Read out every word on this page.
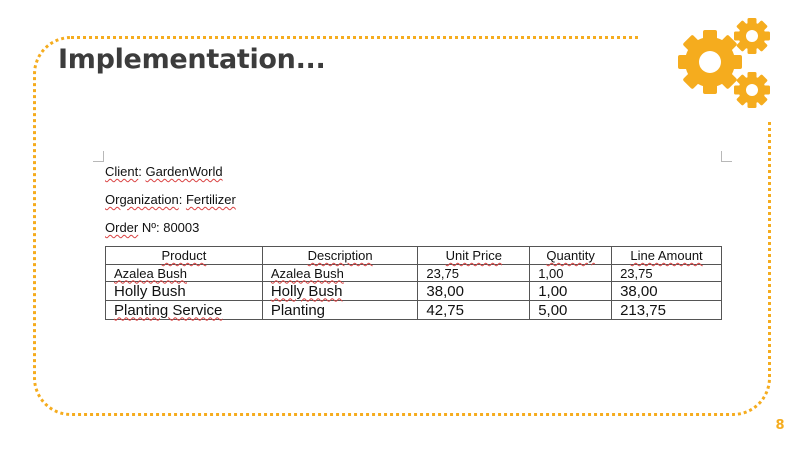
Implementation...
Client: GardenWorld
Organization: Fertilizer
Order Nº: 80003
Product	Description	Unit Price	Quantity	Line Amount
Azalea Bush	Azalea Bush	23,75	1,00	23,75
Holly Bush	Holly Bush	38,00	1,00	38,00
Planting Service	Planting	42,75	5,00	213,75
8
